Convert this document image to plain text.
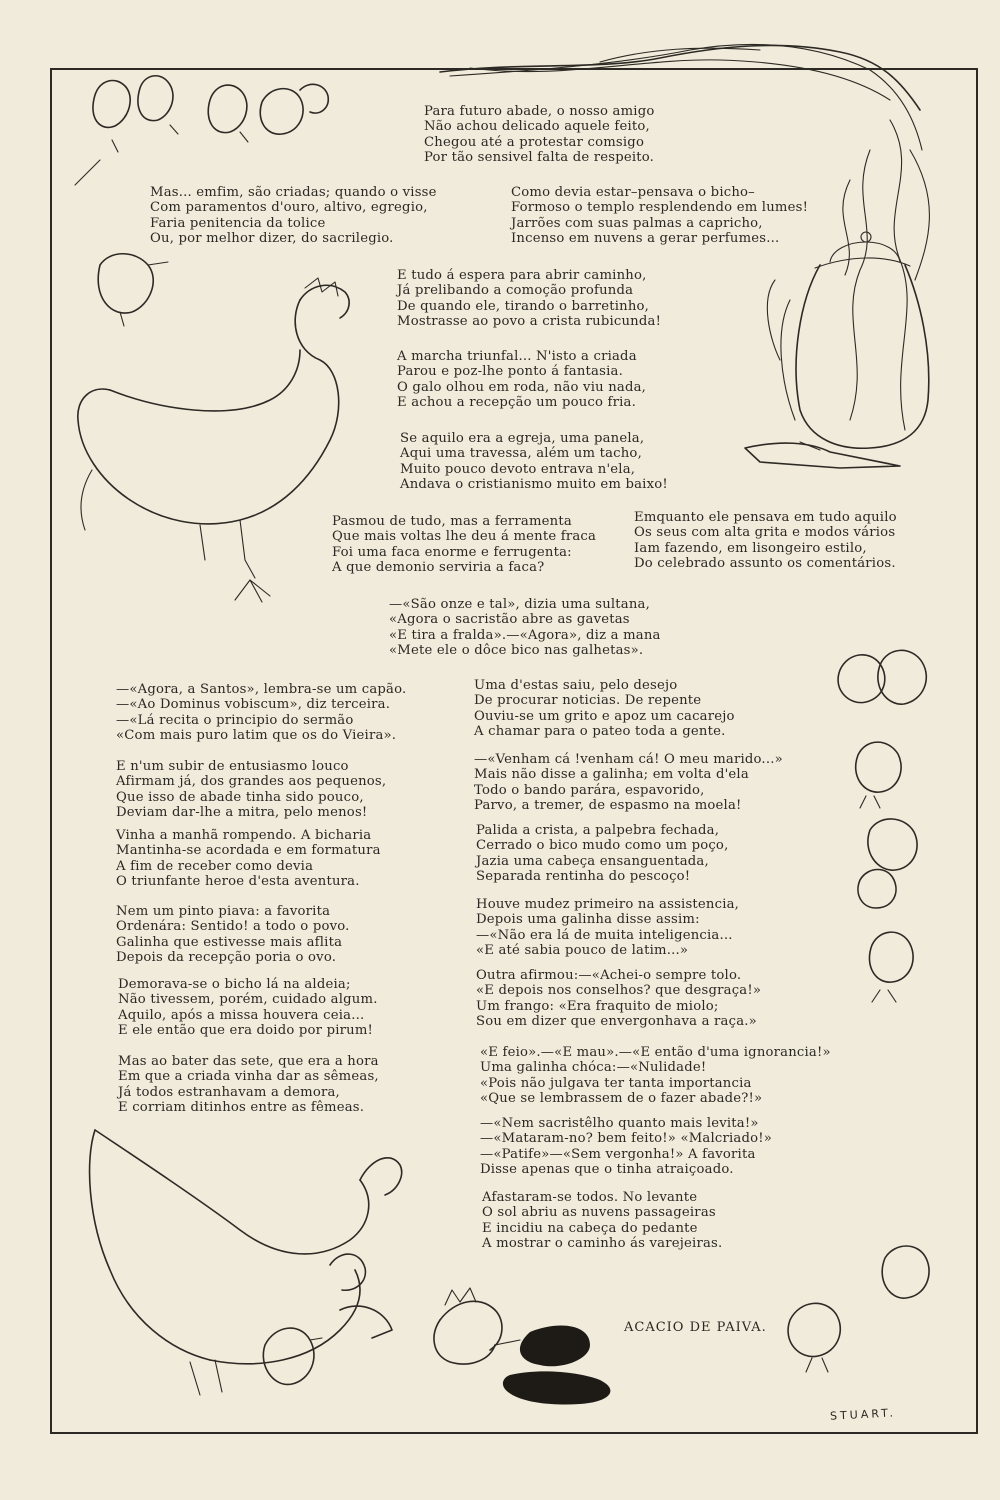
Para futuro abade, o nosso amigo
Não achou delicado aquele feito,
Chegou até a protestar comsigo
Por tão sensivel falta de respeito.
Mas... emfim, são criadas; quando o visse
Com paramentos d'ouro, altivo, egregio,
Faria penitencia da tolice
Ou, por melhor dizer, do sacrilegio.
Como devia estar–pensava o bicho–
Formoso o templo resplendendo em lumes!
Jarrões com suas palmas a capricho,
Incenso em nuvens a gerar perfumes...
E tudo á espera para abrir caminho,
Já prelibando a comoção profunda
De quando ele, tirando o barretinho,
Mostrasse ao povo a crista rubicunda!
A marcha triunfal... N'isto a criada
Parou e poz-lhe ponto á fantasia.
O galo olhou em roda, não viu nada,
E achou a recepção um pouco fria.
Se aquilo era a egreja, uma panela,
Aqui uma travessa, além um tacho,
Muito pouco devoto entrava n'ela,
Andava o cristianismo muito em baixo!
Pasmou de tudo, mas a ferramenta
Que mais voltas lhe deu á mente fraca
Foi uma faca enorme e ferrugenta:
A que demonio serviria a faca?
Emquanto ele pensava em tudo aquilo
Os seus com alta grita e modos vários
Iam fazendo, em lisongeiro estilo,
Do celebrado assunto os comentários.
—«São onze e tal», dizia uma sultana,
«Agora o sacristão abre as gavetas
«E tira a fralda».—«Agora», diz a mana
«Mete ele o dôce bico nas galhetas».
—«Agora, a Santos», lembra-se um capão.
—«Ao Dominus vobiscum», diz terceira.
—«Lá recita o principio do sermão
«Com mais puro latim que os do Vieira».
E n'um subir de entusiasmo louco
Afirmam já, dos grandes aos pequenos,
Que isso de abade tinha sido pouco,
Deviam dar-lhe a mitra, pelo menos!
Vinha a manhã rompendo. A bicharia
Mantinha-se acordada e em formatura
A fim de receber como devia
O triunfante heroe d'esta aventura.
Nem um pinto piava: a favorita
Ordenára: Sentido! a todo o povo.
Galinha que estivesse mais aflita
Depois da recepção poria o ovo.
Demorava-se o bicho lá na aldeia;
Não tivessem, porém, cuidado algum.
Aquilo, após a missa houvera ceia...
E ele então que era doido por pirum!
Mas ao bater das sete, que era a hora
Em que a criada vinha dar as sêmeas,
Já todos estranhavam a demora,
E corriam ditinhos entre as fêmeas.
Uma d'estas saiu, pelo desejo
De procurar noticias. De repente
Ouviu-se um grito e apoz um cacarejo
A chamar para o pateo toda a gente.
—«Venham cá !venham cá! O meu marido...»
Mais não disse a galinha; em volta d'ela
Todo o bando parára, espavorido,
Parvo, a tremer, de espasmo na moela!
Palida a crista, a palpebra fechada,
Cerrado o bico mudo como um poço,
Jazia uma cabeça ensanguentada,
Separada rentinha do pescoço!
Houve mudez primeiro na assistencia,
Depois uma galinha disse assim:
—«Não era lá de muita inteligencia...
«E até sabia pouco de latim...»
Outra afirmou:—«Achei-o sempre tolo.
«E depois nos conselhos? que desgraça!»
Um frango: «Era fraquito de miolo;
Sou em dizer que envergonhava a raça.»
«E feio».—«E mau».—«E então d'uma ignorancia!»
Uma galinha chóca:—«Nulidade!
«Pois não julgava ter tanta importancia
«Que se lembrassem de o fazer abade?!»
—«Nem sacristêlho quanto mais levita!»
—«Mataram-no? bem feito!» «Malcriado!»
—«Patife»—«Sem vergonha!» A favorita
Disse apenas que o tinha atraiçoado.
Afastaram-se todos. No levante
O sol abriu as nuvens passageiras
E incidiu na cabeça do pedante
A mostrar o caminho ás varejeiras.
ACACIO DE PAIVA.
STUART.
